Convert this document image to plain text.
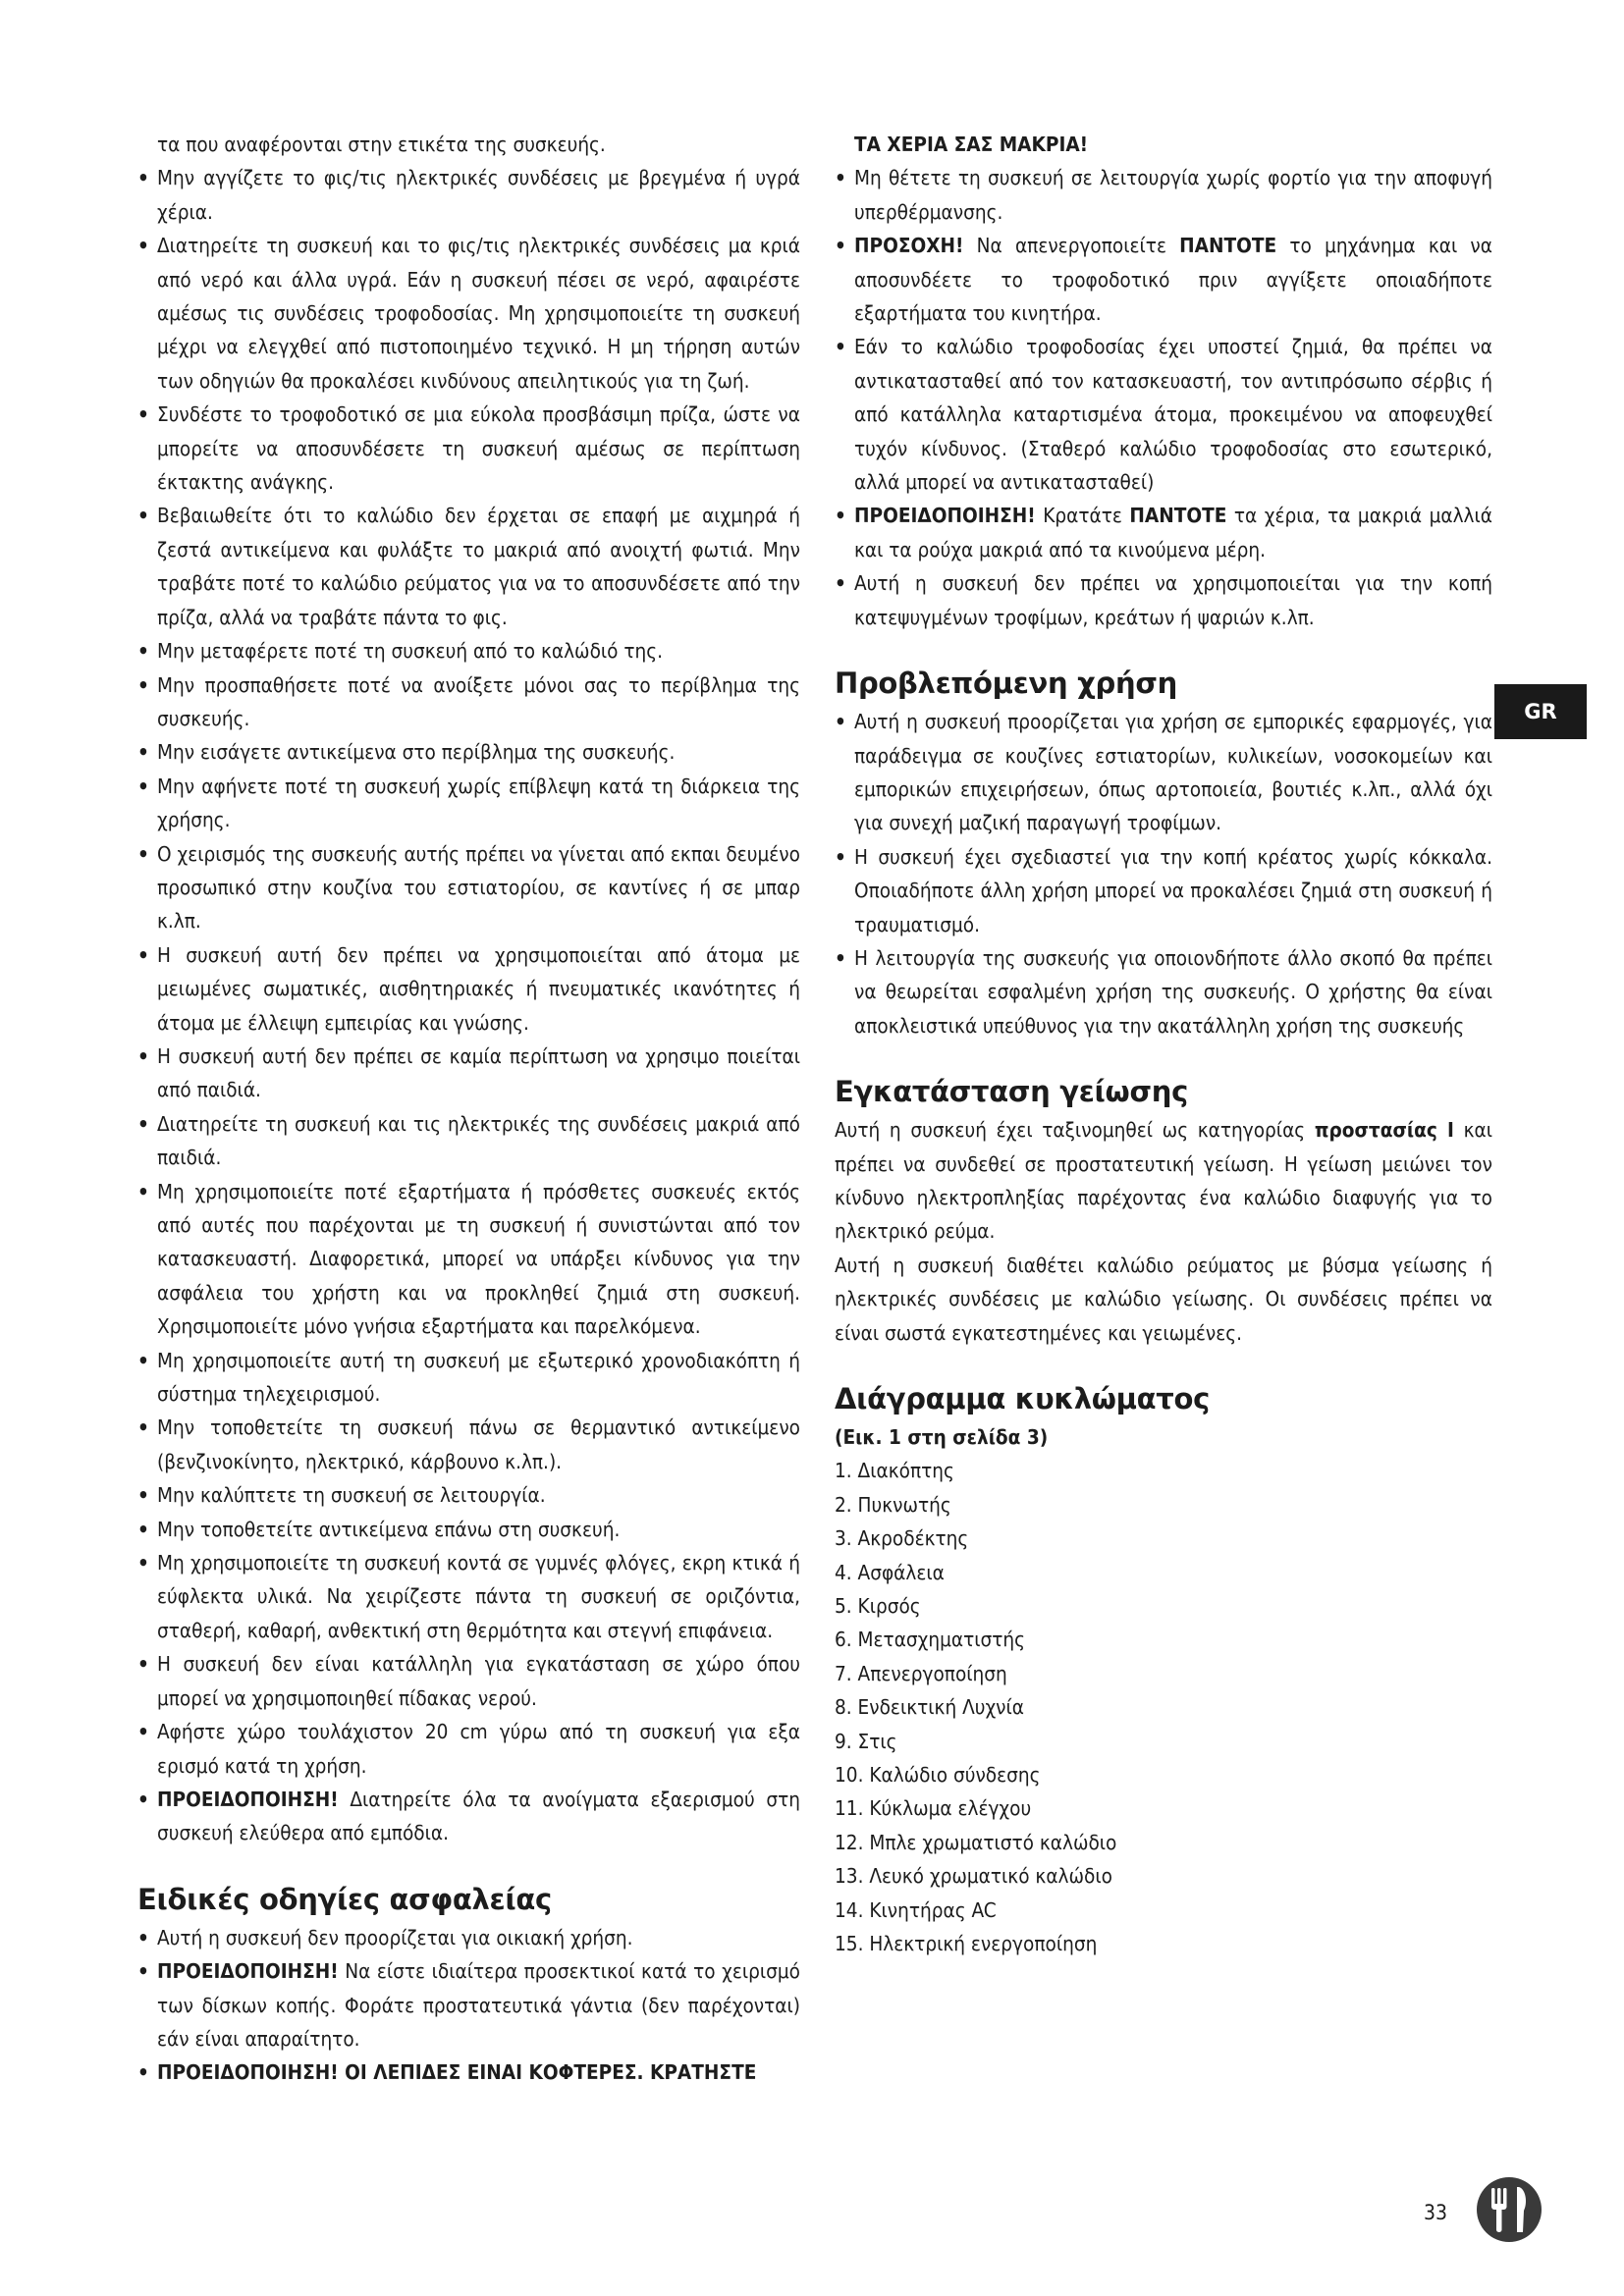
τα που αναφέρονται στην ετικέτα της συσκευής.

• Μην αγγίζετε το φις/τις ηλεκτρικές συνδέσεις με βρεγμένα ή υγρά χέρια.

• Διατηρείτε τη συσκευή και το φις/τις ηλεκτρικές συνδέσεις μα κριά από νερό και άλλα υγρά. Εάν η συσκευή πέσει σε νερό, αφαιρέστε αμέσως τις συνδέσεις τροφοδοσίας. Μη χρησιμοποιείτε τη συσκευή μέχρι να ελεγχθεί από πιστοποιημένο τεχνικό. Η μη τήρηση αυτών των οδηγιών θα προκαλέσει κινδύνους απειλητικούς για τη ζωή.

• Συνδέστε το τροφοδοτικό σε μια εύκολα προσβάσιμη πρίζα, ώστε να μπορείτε να αποσυνδέσετε τη συσκευή αμέσως σε περίπτωση έκτακτης ανάγκης.

• Βεβαιωθείτε ότι το καλώδιο δεν έρχεται σε επαφή με αιχμηρά ή ζεστά αντικείμενα και φυλάξτε το μακριά από ανοιχτή φωτιά. Μην τραβάτε ποτέ το καλώδιο ρεύματος για να το αποσυνδέσετε από την πρίζα, αλλά να τραβάτε πάντα το φις.

• Μην μεταφέρετε ποτέ τη συσκευή από το καλώδιό της.

• Μην προσπαθήσετε ποτέ να ανοίξετε μόνοι σας το περίβλημα της συσκευής.

• Μην εισάγετε αντικείμενα στο περίβλημα της συσκευής.

• Μην αφήνετε ποτέ τη συσκευή χωρίς επίβλεψη κατά τη διάρκεια της χρήσης.

• Ο χειρισμός της συσκευής αυτής πρέπει να γίνεται από εκπαι δευμένο προσωπικό στην κουζίνα του εστιατορίου, σε καντίνες ή σε μπαρ κ.λπ.

• Η συσκευή αυτή δεν πρέπει να χρησιμοποιείται από άτομα με μειωμένες σωματικές, αισθητηριακές ή πνευματικές ικανότητες ή άτομα με έλλειψη εμπειρίας και γνώσης.

• Η συσκευή αυτή δεν πρέπει σε καμία περίπτωση να χρησιμο ποιείται από παιδιά.

• Διατηρείτε τη συσκευή και τις ηλεκτρικές της συνδέσεις μακριά από παιδιά.

• Μη χρησιμοποιείτε ποτέ εξαρτήματα ή πρόσθετες συσκευές εκτός από αυτές που παρέχονται με τη συσκευή ή συνιστώνται από τον κατασκευαστή. Διαφορετικά, μπορεί να υπάρξει κίνδυνος για την ασφάλεια του χρήστη και να προκληθεί ζημιά στη συσκευή. Χρησιμοποιείτε μόνο γνήσια εξαρτήματα και παρελκόμενα.

• Μη χρησιμοποιείτε αυτή τη συσκευή με εξωτερικό χρονοδιακόπτη ή σύστημα τηλεχειρισμού.

• Μην τοποθετείτε τη συσκευή πάνω σε θερμαντικό αντικείμενο (βενζινοκίνητο, ηλεκτρικό, κάρβουνο κ.λπ.).

• Μην καλύπτετε τη συσκευή σε λειτουργία.

• Μην τοποθετείτε αντικείμενα επάνω στη συσκευή.

• Μη χρησιμοποιείτε τη συσκευή κοντά σε γυμνές φλόγες, εκρη κτικά ή εύφλεκτα υλικά. Να χειρίζεστε πάντα τη συσκευή σε οριζόντια, σταθερή, καθαρή, ανθεκτική στη θερμότητα και στεγνή επιφάνεια.

• Η συσκευή δεν είναι κατάλληλη για εγκατάσταση σε χώρο όπου μπορεί να χρησιμοποιηθεί πίδακας νερού.

• Αφήστε χώρο τουλάχιστον 20 cm γύρω από τη συσκευή για εξα ερισμό κατά τη χρήση.

• ΠΡΟΕΙΔΟΠΟΙΗΣΗ! Διατηρείτε όλα τα ανοίγματα εξαερισμού στη συσκευή ελεύθερα από εμπόδια.

Ειδικές οδηγίες ασφαλείας

• Αυτή η συσκευή δεν προορίζεται για οικιακή χρήση.

• ΠΡΟΕΙΔΟΠΟΙΗΣΗ! Να είστε ιδιαίτερα προσεκτικοί κατά το χειρισμό των δίσκων κοπής. Φοράτε προστατευτικά γάντια (δεν παρέχονται) εάν είναι απαραίτητο.

• ΠΡΟΕΙΔΟΠΟΙΗΣΗ! ΟΙ ΛΕΠΙΔΕΣ ΕΙΝΑΙ ΚΟΦΤΕΡΕΣ. ΚΡΑΤΗΣΤΕ

ΤΑ ΧΕΡΙΑ ΣΑΣ ΜΑΚΡΙΑ!

• Μη θέτετε τη συσκευή σε λειτουργία χωρίς φορτίο για την αποφυγή υπερθέρμανσης.

• ΠΡΟΣΟΧΗ! Να απενεργοποιείτε ΠΑΝΤΟΤΕ το μηχάνημα και να αποσυνδέετε το τροφοδοτικό πριν αγγίξετε οποιαδήποτε εξαρτήματα του κινητήρα.

• Εάν το καλώδιο τροφοδοσίας έχει υποστεί ζημιά, θα πρέπει να αντικατασταθεί από τον κατασκευαστή, τον αντιπρόσωπο σέρβις ή από κατάλληλα καταρτισμένα άτομα, προκειμένου να αποφευχθεί τυχόν κίνδυνος. (Σταθερό καλώδιο τροφοδοσίας στο εσωτερικό, αλλά μπορεί να αντικατασταθεί)

• ΠΡΟΕΙΔΟΠΟΙΗΣΗ! Κρατάτε ΠΑΝΤΟΤΕ τα χέρια, τα μακριά μαλλιά και τα ρούχα μακριά από τα κινούμενα μέρη.

• Αυτή η συσκευή δεν πρέπει να χρησιμοποιείται για την κοπή κατεψυγμένων τροφίμων, κρεάτων ή ψαριών κ.λπ.

Προβλεπόμενη χρήση

• Αυτή η συσκευή προορίζεται για χρήση σε εμπορικές εφαρμογές, για παράδειγμα σε κουζίνες εστιατορίων, κυλικείων, νοσοκομείων και εμπορικών επιχειρήσεων, όπως αρτοποιεία, βουτιές κ.λπ., αλλά όχι για συνεχή μαζική παραγωγή τροφίμων.

• Η συσκευή έχει σχεδιαστεί για την κοπή κρέατος χωρίς κόκκαλα. Οποιαδήποτε άλλη χρήση μπορεί να προκαλέσει ζημιά στη συσκευή ή τραυματισμό.

• Η λειτουργία της συσκευής για οποιονδήποτε άλλο σκοπό θα πρέπει να θεωρείται εσφαλμένη χρήση της συσκευής. Ο χρήστης θα είναι αποκλειστικά υπεύθυνος για την ακατάλληλη χρήση της συσκευής

Εγκατάσταση γείωσης

Αυτή η συσκευή έχει ταξινομηθεί ως κατηγορίας προστασίας I και πρέπει να συνδεθεί σε προστατευτική γείωση. Η γείωση μειώνει τον κίνδυνο ηλεκτροπληξίας παρέχοντας ένα καλώδιο διαφυγής για το ηλεκτρικό ρεύμα.

Αυτή η συσκευή διαθέτει καλώδιο ρεύματος με βύσμα γείωσης ή ηλεκτρικές συνδέσεις με καλώδιο γείωσης. Οι συνδέσεις πρέπει να είναι σωστά εγκατεστημένες και γειωμένες.

Διάγραμμα κυκλώματος

(Εικ. 1 στη σελίδα 3)

1. Διακόπτης

2. Πυκνωτής

3. Ακροδέκτης

4. Ασφάλεια

5. Κιρσός

6. Μετασχηματιστής

7. Απενεργοποίηση

8. Ενδεικτική Λυχνία

9. Στις

10. Καλώδιο σύνδεσης

11. Κύκλωμα ελέγχου

12. Μπλε χρωματιστό καλώδιο

13. Λευκό χρωματικό καλώδιο

14. Κινητήρας AC

15. Ηλεκτρική ενεργοποίηση

GR
33
